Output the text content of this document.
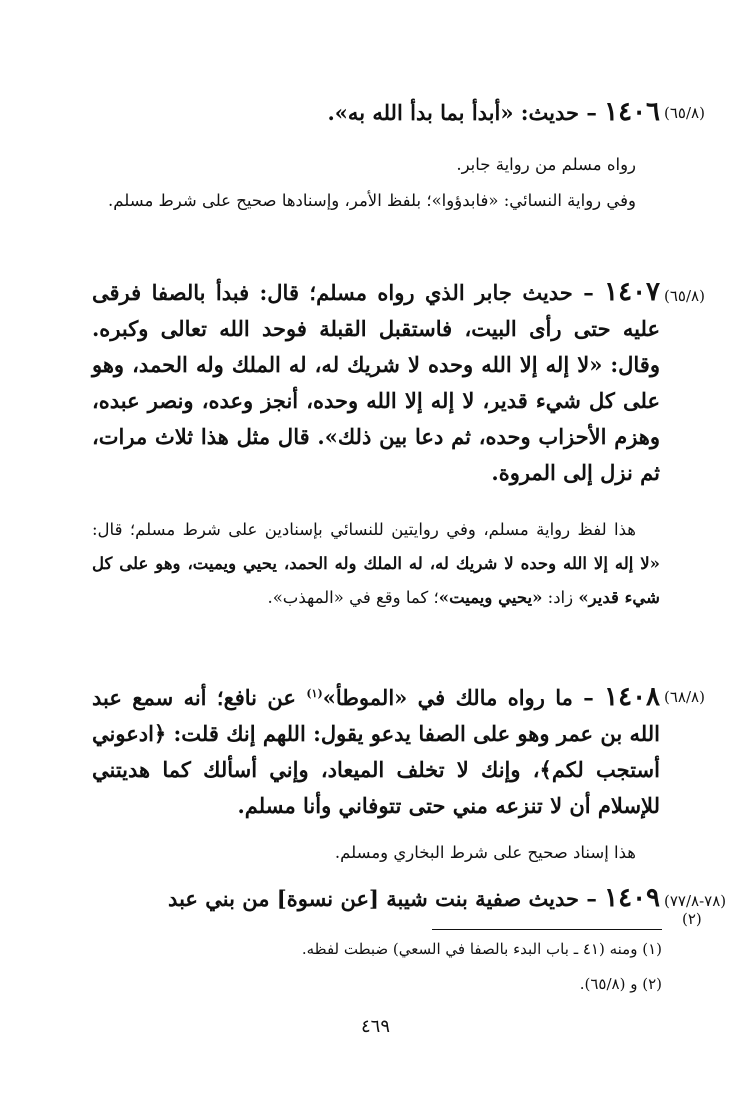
(٦٥/٨)
١٤٠٦ – حديث: «أبدأ بما بدأ الله به».
رواه مسلم من رواية جابر.
وفي رواية النسائي: «فابدؤوا»؛ بلفظ الأمر، وإسنادها صحيح على شرط مسلم.
(٦٥/٨)
١٤٠٧ – حديث جابر الذي رواه مسلم؛ قال: فبدأ بالصفا فرقى عليه حتى رأى البيت، فاستقبل القبلة فوحد الله تعالى وكبره. وقال: «لا إله إلا الله وحده لا شريك له، له الملك وله الحمد، وهو على كل شيء قدير، لا إله إلا الله وحده، أنجز وعده، ونصر عبده، وهزم الأحزاب وحده، ثم دعا بين ذلك». قال مثل هذا ثلاث مرات، ثم نزل إلى المروة.
هذا لفظ رواية مسلم، وفي روايتين للنسائي بإسنادين على شرط مسلم؛ قال: «لا إله إلا الله وحده لا شريك له، له الملك وله الحمد، يحيي ويميت، وهو على كل شيء قدير» زاد: «يحيي ويميت»؛ كما وقع في «المهذب».
(٦٨/٨)
١٤٠٨ – ما رواه مالك في «الموطأ»$^{(١)}$ عن نافع؛ أنه سمع عبد الله بن عمر وهو على الصفا يدعو يقول: اللهم إنك قلت: ﴿ادعوني أستجب لكم﴾، وإنك لا تخلف الميعاد، وإني أسألك كما هديتني للإسلام أن لا تنزعه مني حتى تتوفاني وأنا مسلم.
هذا إسناد صحيح على شرط البخاري ومسلم.
(٧٨-٧٧/٨)
(٢)
١٤٠٩ – حديث صفية بنت شيبة [عن نسوة] من بني عبد
(١) ومنه (٤١ ـ باب البدء بالصفا في السعي) ضبطت لفظه.
(٢) و (٦٥/٨).
٤٦٩
